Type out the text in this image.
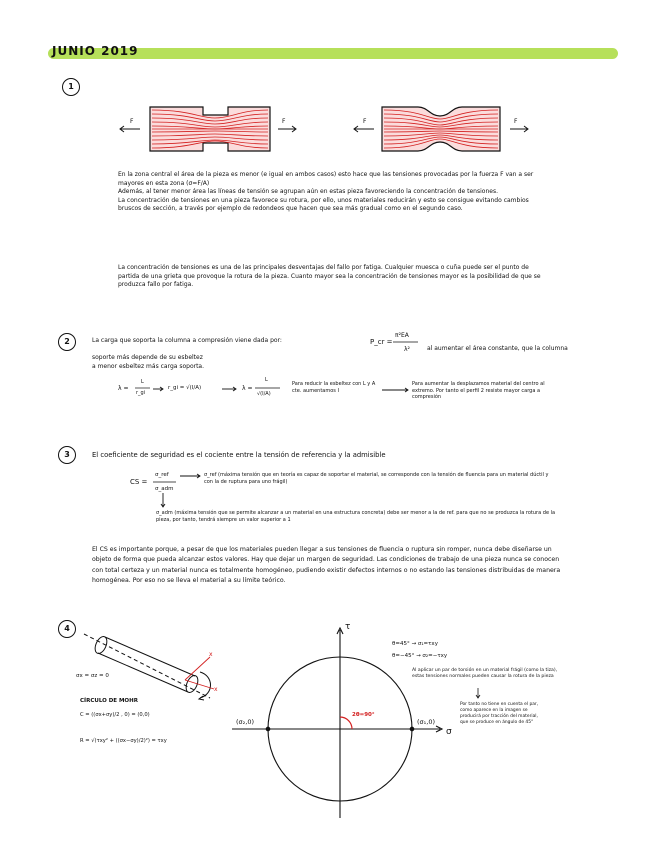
JUNIO 2019
1
F	F	F	F

En la zona central el área de la pieza es menor (e igual en ambos casos) esto hace que las tensiones provocadas por la fuerza F van a ser mayores en esta zona (σ=F/A)

Además, al tener menor área las líneas de tensión se agrupan aún en estas pieza favoreciendo la concentración de tensiones.

La concentración de tensiones en una pieza favorece su rotura, por ello, unos materiales reducirán y esto se consigue evitando cambios bruscos de sección, a través por ejemplo de redondeos que hacen que sea más gradual como en el segundo caso.

La concentración de tensiones es una de las principales desventajas del fallo por fatiga. Cualquier muesca o cuña puede ser el punto de partida de una grieta que provoque la rotura de la pieza. Cuanto mayor sea la concentración de tensiones mayor es la posibilidad de que se produzca fallo por fatiga.

2	La carga que soporta la columna a compresión viene dada por:	P_cr =
π²EA
λ²	al aumentar el área constante, que la columna soporte más depende de su esbeltez
a menor esbeltez más carga soporta.
λ =
L
r_gi
r_gi = √(I/A)	λ =
L
√(I/A)
Para reducir la esbeltez con L y A cte. aumentamos I
Para aumentar la desplazamos material del centro al extremo. Por tanto el perfil 2 resiste mayor carga a compresión
3	El coeficiente de seguridad es el cociente entre la tensión de referencia y la admisible
CS =
σ_ref
σ_adm
σ_ref (máxima tensión que en teoría es capaz de soportar el material, se corresponde con la tensión de fluencia para un material dúctil y con la de ruptura para uno frágil)
σ_adm (máxima tensión que se permite alcanzar a un material en una estructura concreta) debe ser menor a la de ref. para que no se produzca la rotura de la pieza, por tanto, tendrá siempre un valor superior a 1
El CS es importante porque, a pesar de que los materiales pueden llegar a sus tensiones de fluencia o ruptura sin romper, nunca debe diseñarse un objeto de forma que pueda alcanzar estos valores. Hay que dejar un margen de seguridad. Las condiciones de trabajo de una pieza nunca se conocen con total certeza y un material nunca es totalmente homogéneo, pudiendo existir defectos internos o no estando las tensiones distribuidas de manera homogénea. Por eso no se lleva el material a su límite teórico.
4
x
x
σx = σz = 0
CÍRCULO DE MOHR
C = ((σx+σy)/2 , 0) = (0,0)
R = √(τxy² + ((σx−σy)/2)²) = τxy
τ
σ
(σ₂,0)	(σ₁,0)
2θ=90°
θ=45° → σ₁=τxy
θ=−45° → σ₂=−τxy
Al aplicar un par de torsión en un material frágil (como la tiza), estas tensiones normales pueden causar la rotura de la pieza
Por tanto no tiene en cuenta el par, como aparece en la imagen se producirá por tracción del material, que se produce en ángulo de 45°
